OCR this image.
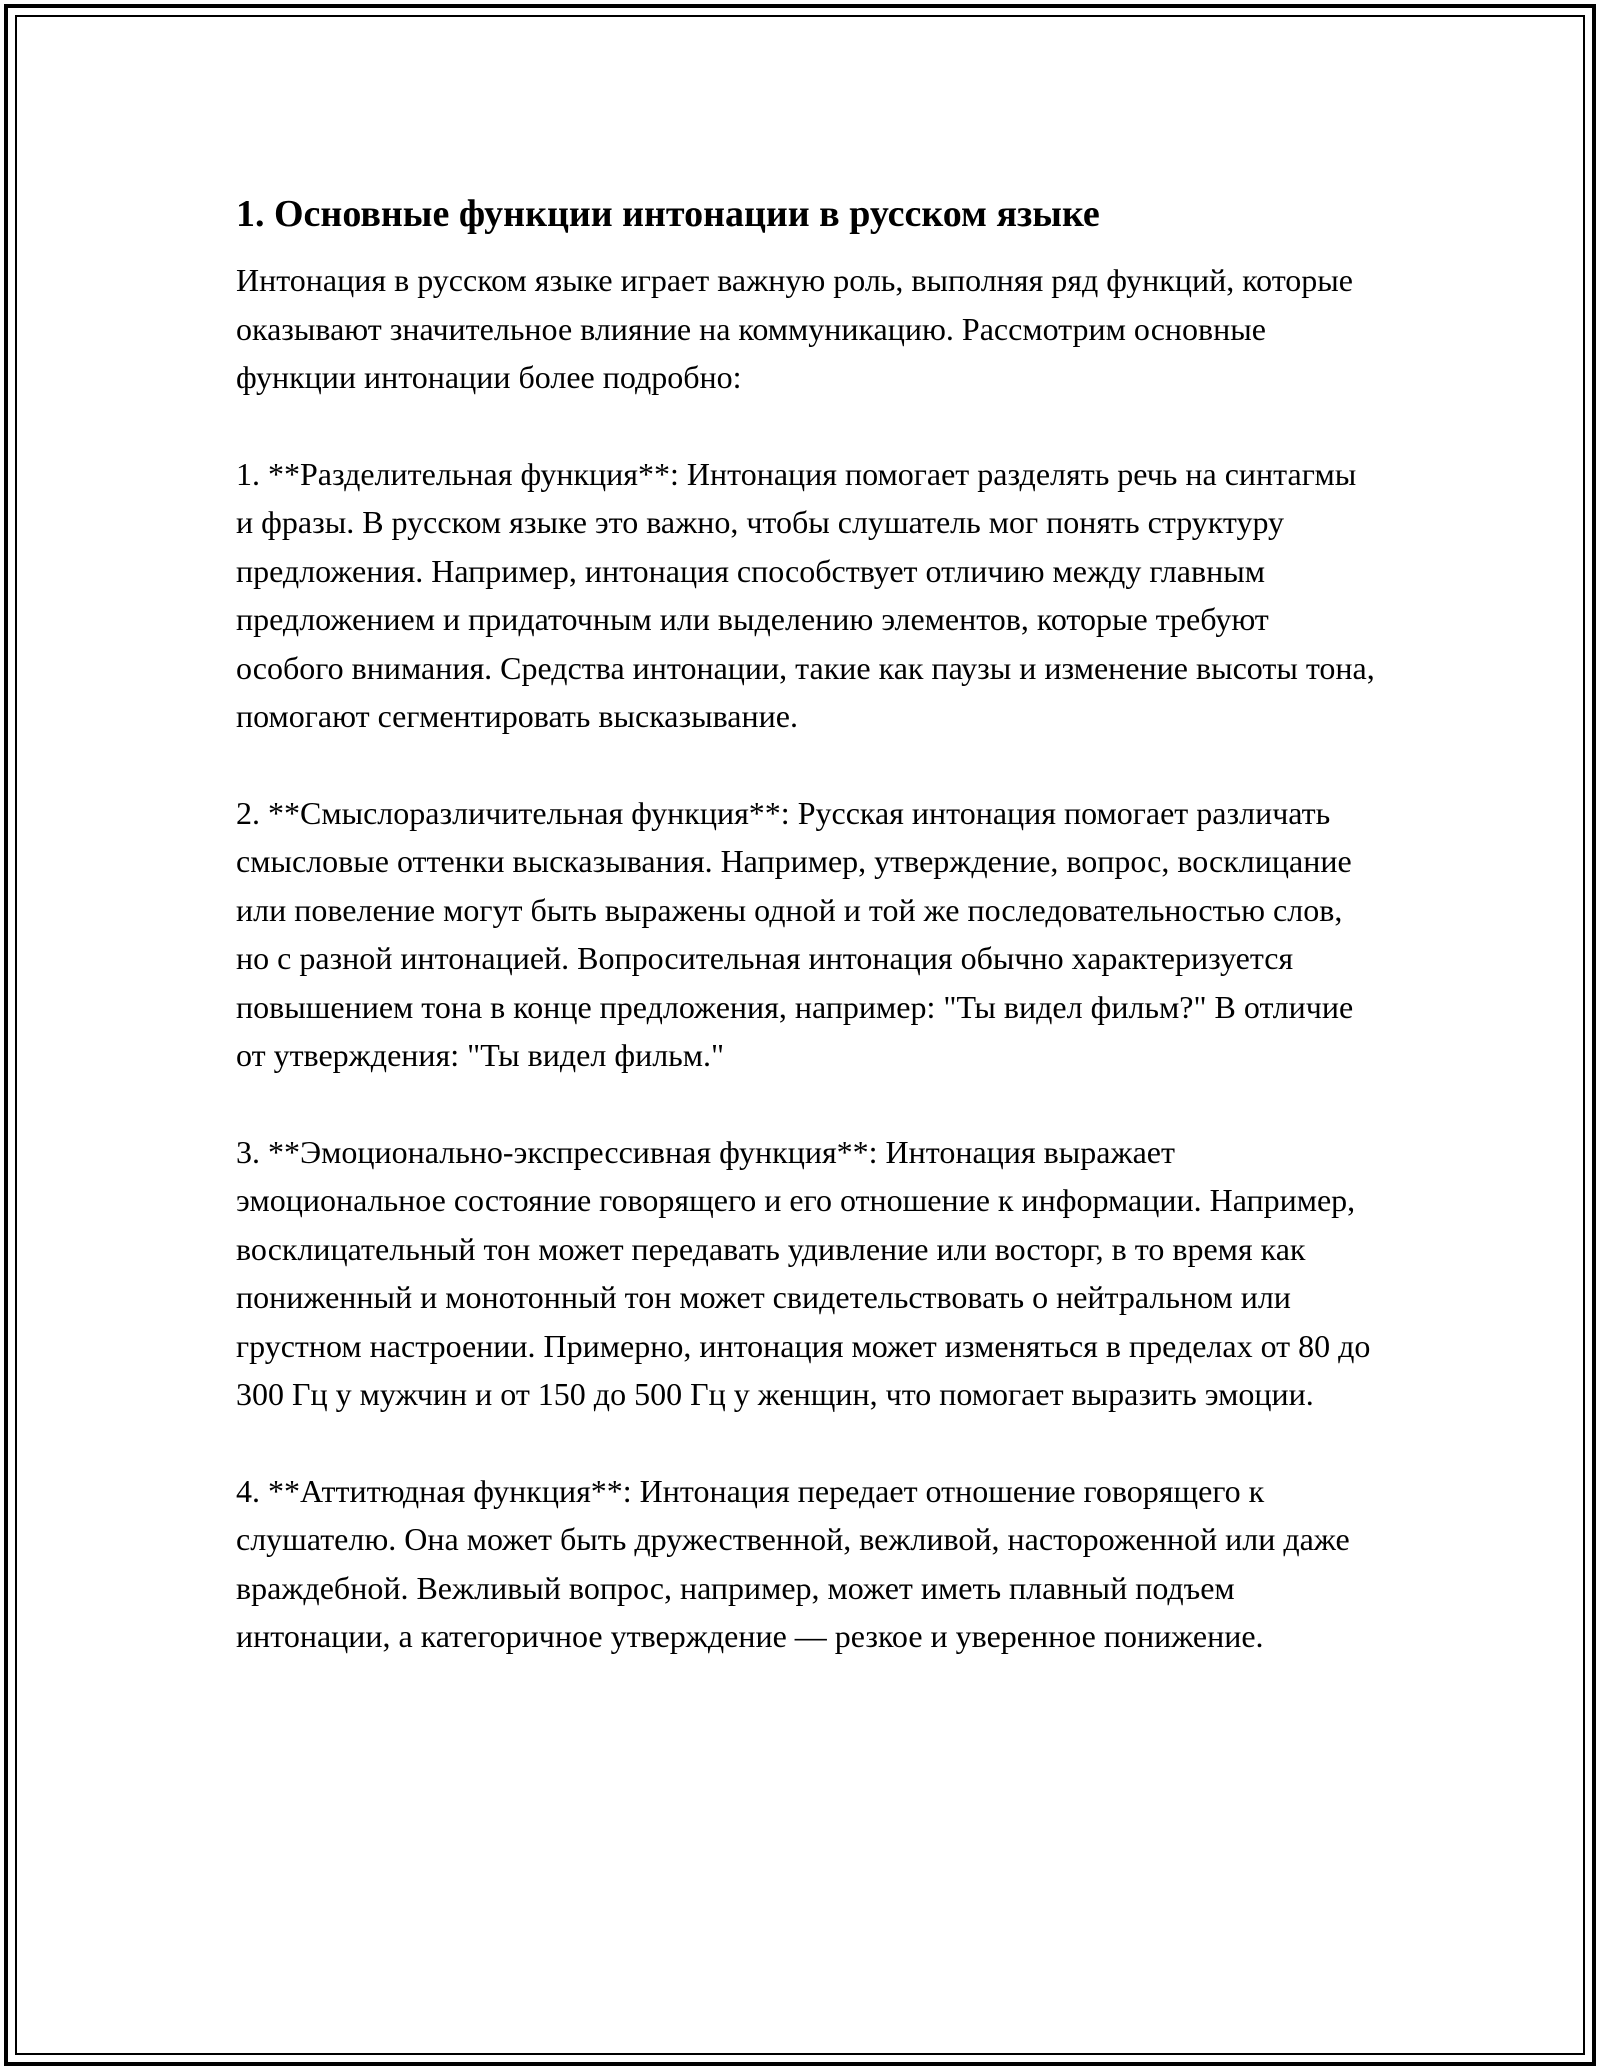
1. Основные функции интонации в русском языке

Интонация в русском языке играет важную роль, выполняя ряд функций, которые оказывают значительное влияние на коммуникацию. Рассмотрим основные функции интонации более подробно:

1. **Разделительная функция**: Интонация помогает разделять речь на синтагмы и фразы. В русском языке это важно, чтобы слушатель мог понять структуру предложения. Например, интонация способствует отличию между главным предложением и придаточным или выделению элементов, которые требуют особого внимания. Средства интонации, такие как паузы и изменение высоты тона, помогают сегментировать высказывание.

2. **Смыслоразличительная функция**: Русская интонация помогает различать смысловые оттенки высказывания. Например, утверждение, вопрос, восклицание или повеление могут быть выражены одной и той же последовательностью слов, но с разной интонацией. Вопросительная интонация обычно характеризуется повышением тона в конце предложения, например: "Ты видел фильм?" В отличие от утверждения: "Ты видел фильм."

3. **Эмоционально-экспрессивная функция**: Интонация выражает эмоциональное состояние говорящего и его отношение к информации. Например, восклицательный тон может передавать удивление или восторг, в то время как пониженный и монотонный тон может свидетельствовать о нейтральном или грустном настроении. Примерно, интонация может изменяться в пределах от 80 до 300 Гц у мужчин и от 150 до 500 Гц у женщин, что помогает выразить эмоции.

4. **Аттитюдная функция**: Интонация передает отношение говорящего к слушателю. Она может быть дружественной, вежливой, настороженной или даже враждебной. Вежливый вопрос, например, может иметь плавный подъем интонации, а категоричное утверждение — резкое и уверенное понижение.
